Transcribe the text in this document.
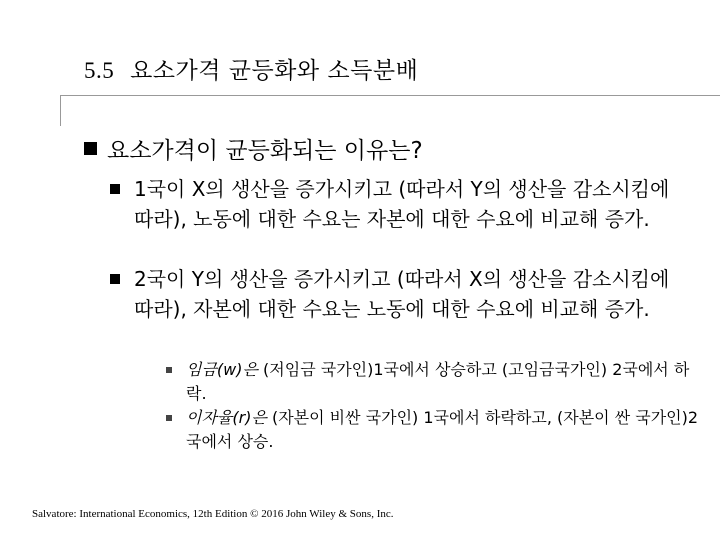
5.5 요소가격 균등화와 소득분배
요소가격이 균등화되는 이유는?
1국이 X의 생산을 증가시키고 (따라서 Y의 생산을 감소시킴에 따라), 노동에 대한 수요는 자본에 대한 수요에 비교해 증가.
2국이 Y의 생산을 증가시키고 (따라서 X의 생산을 감소시킴에 따라), 자본에 대한 수요는 노동에 대한 수요에 비교해 증가.
임금(w)은 (저임금 국가인)1국에서 상승하고 (고임금국가인) 2국에서 하락.
이자율(r)은 (자본이 비싼 국가인) 1국에서 하락하고, (자본이 싼 국가인)2국에서 상승.
Salvatore: International Economics, 12th Edition © 2016 John Wiley & Sons, Inc.
